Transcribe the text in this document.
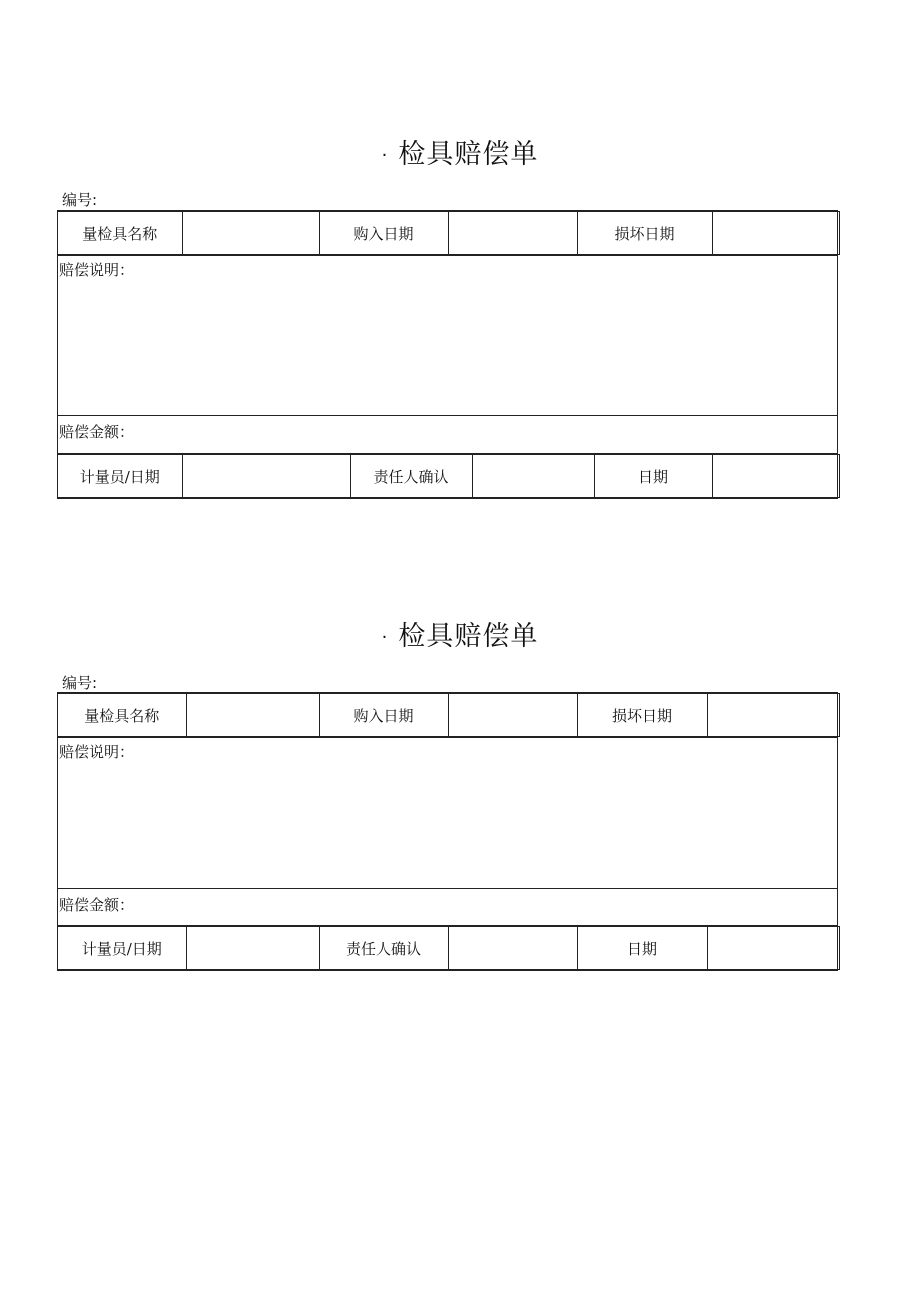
· 检具赔偿单
编号:
量检具名称		购入日期		损坏日期	

赔偿说明：
赔偿金额：

计量员/日期		责任人确认		日期	
· 检具赔偿单
编号:
量检具名称		购入日期		损坏日期	

赔偿说明：
赔偿金额：

计量员/日期		责任人确认		日期	
